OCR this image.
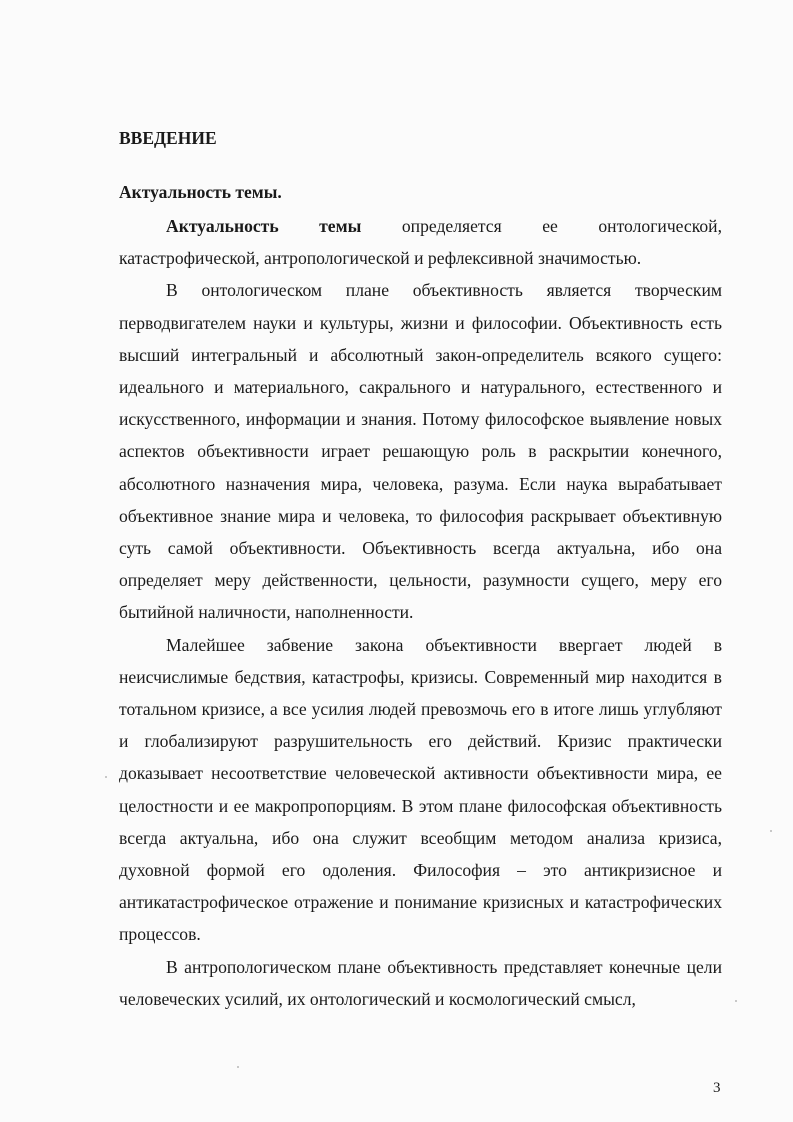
ВВЕДЕНИЕ
Актуальность темы.

Актуальность темы определяется ее онтологической, катастрофической, антропологической и рефлексивной значимостью.

В онтологическом плане объективность является творческим перводвигателем науки и культуры, жизни и философии. Объективность есть высший интегральный и абсолютный закон-определитель всякого сущего: идеального и материального, сакрального и натурального, естественного и искусственного, информации и знания. Потому философское выявление новых аспектов объективности играет решающую роль в раскрытии конечного, абсолютного назначения мира, человека, разума. Если наука вырабатывает объективное знание мира и человека, то философия раскрывает объективную суть самой объективности. Объективность всегда актуальна, ибо она определяет меру действенности, цельности, разумности сущего, меру его бытийной наличности, наполненности.

Малейшее забвение закона объективности ввергает людей в неисчислимые бедствия, катастрофы, кризисы. Современный мир находится в тотальном кризисе, а все усилия людей превозмочь его в итоге лишь углубляют и глобализируют разрушительность его действий. Кризис практически доказывает несоответствие человеческой активности объективности мира, ее целостности и ее макропропорциям. В этом плане философская объективность всегда актуальна, ибо она служит всеобщим методом анализа кризиса, духовной формой его одоления. Философия – это антикризисное и антикатастрофическое отражение и понимание кризисных и катастрофических процессов.

В антропологическом плане объективность представляет конечные цели человеческих усилий, их онтологический и космологический смысл,

3
